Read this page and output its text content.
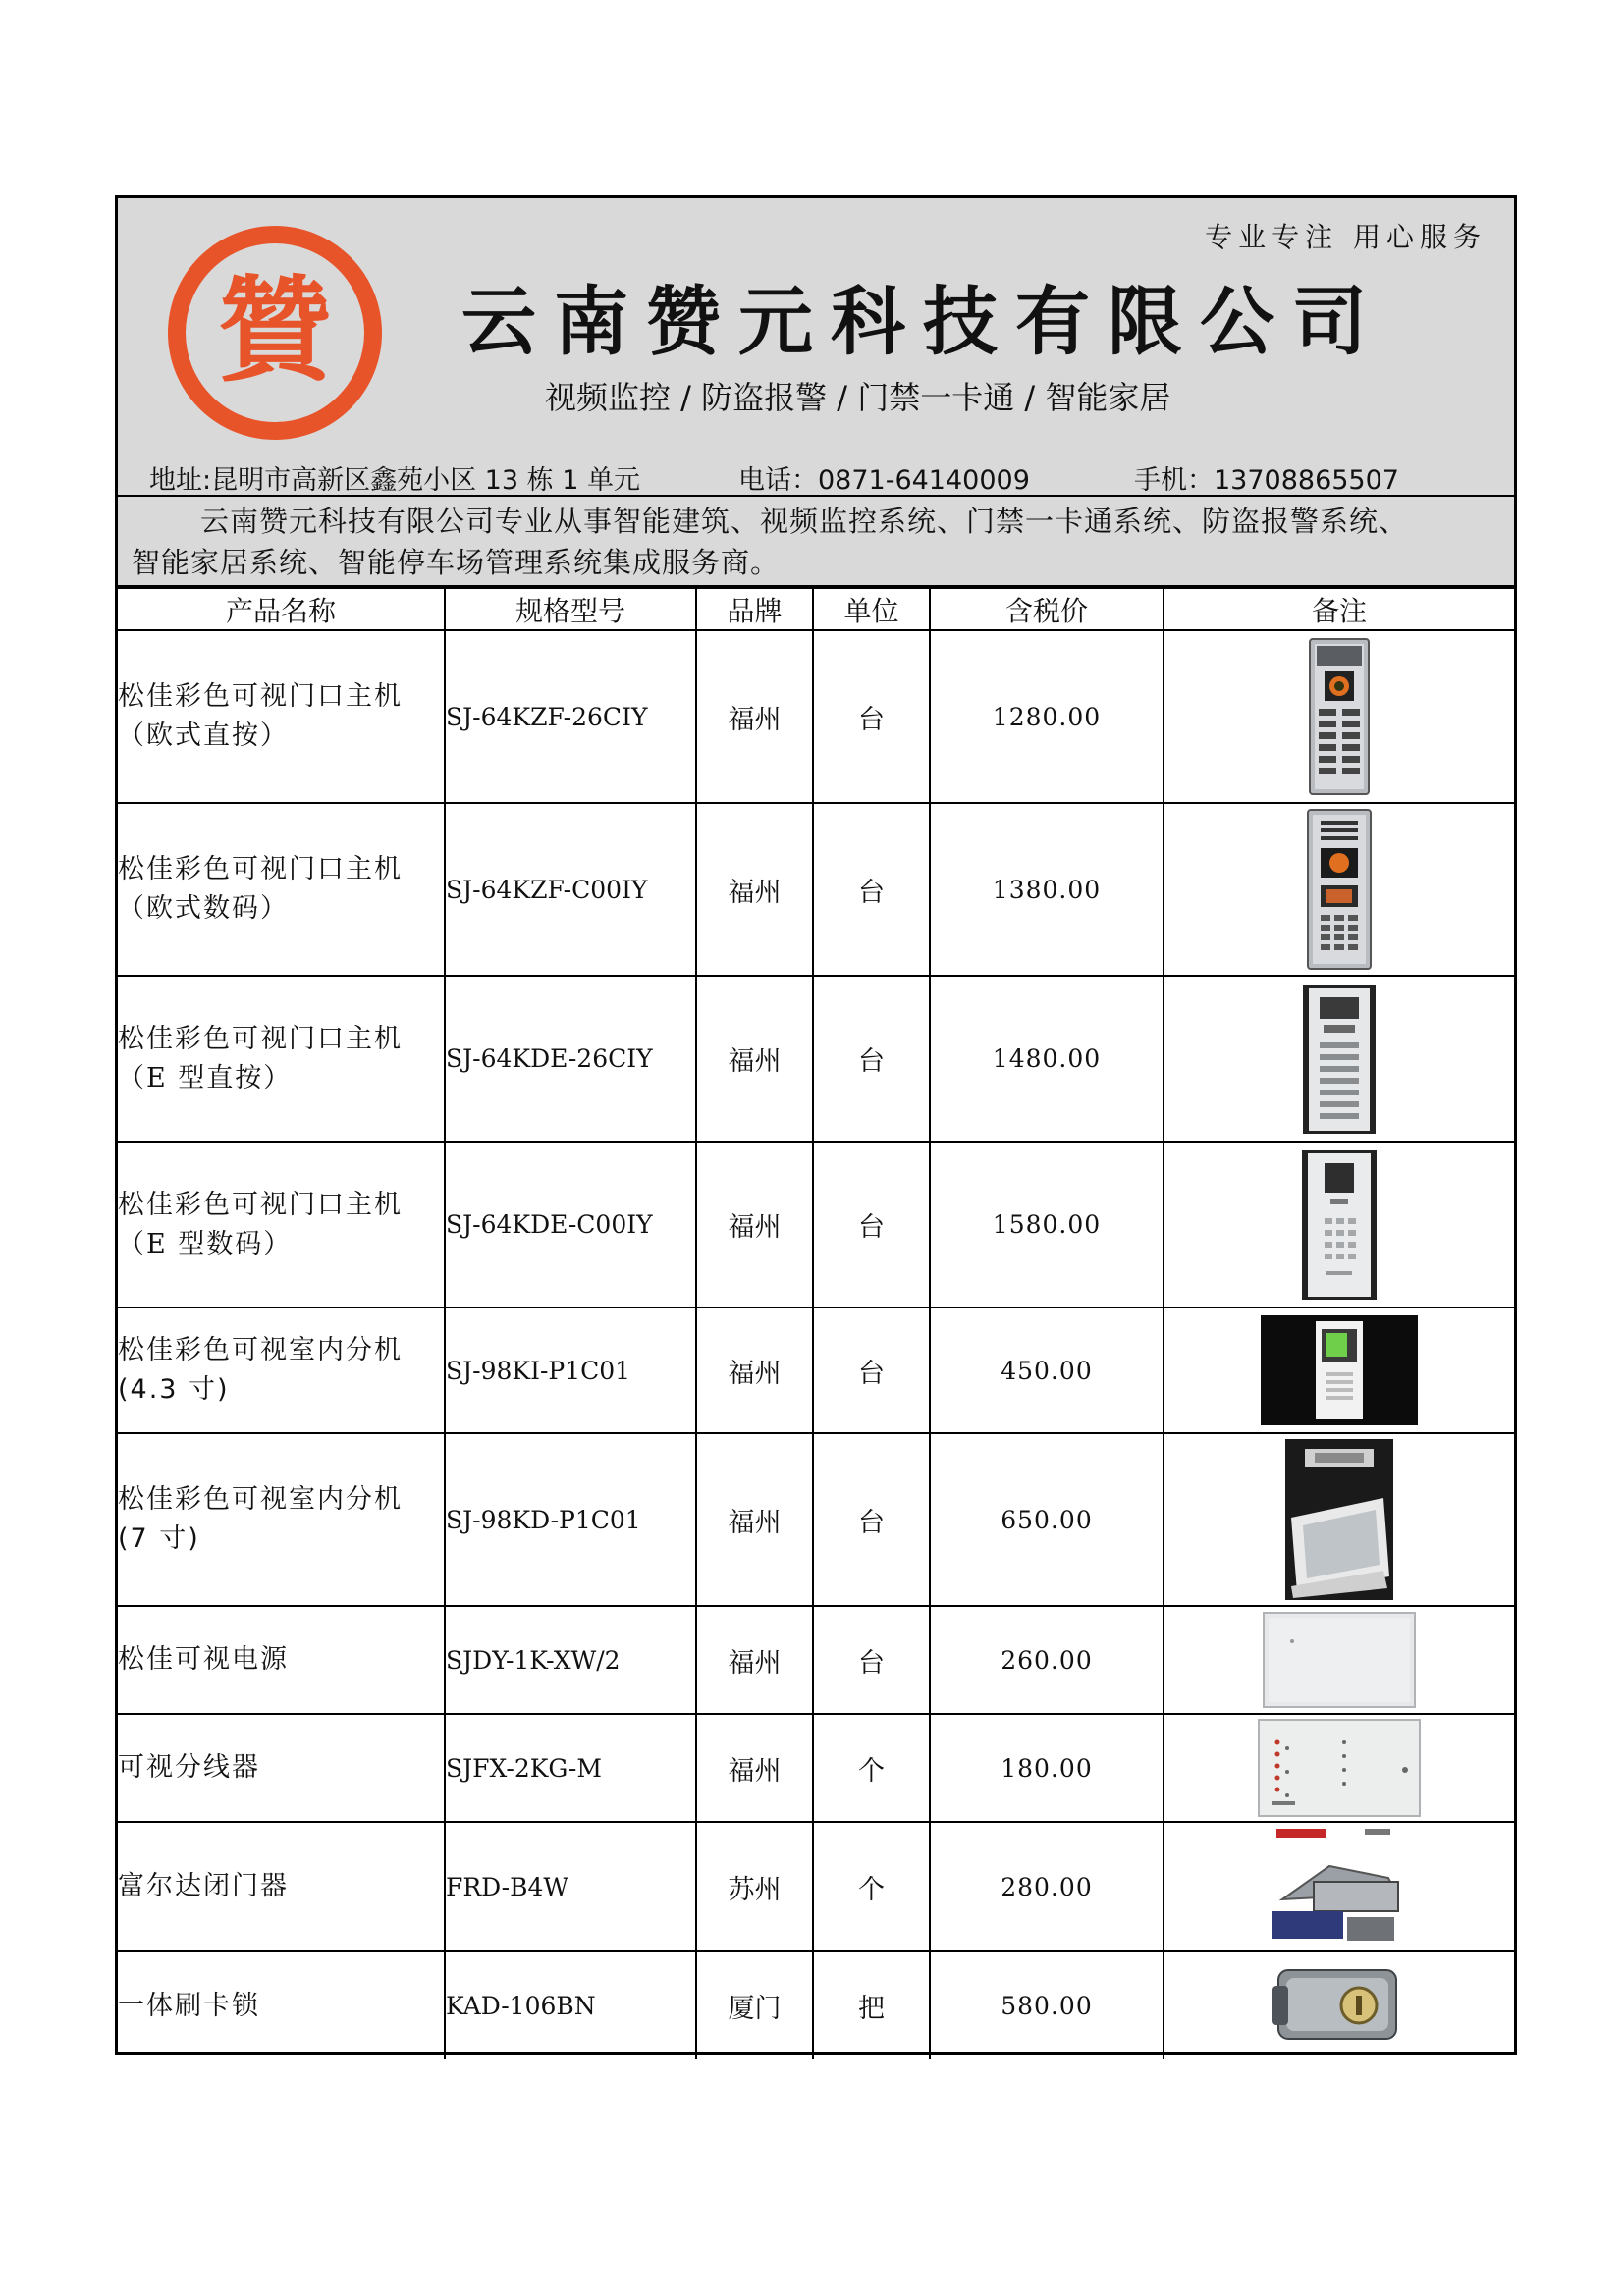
贊
专业专注 用心服务
云南赞元科技有限公司
视频监控 / 防盗报警 / 门禁一卡通 / 智能家居
地址:昆明市高新区鑫苑小区 13 栋 1 单元	电话：0871-64140009	手机：13708865507
云南赞元科技有限公司专业从事智能建筑、视频监控系统、门禁一卡通系统、防盗报警系统、
智能家居系统、智能停车场管理系统集成服务商。
产品名称	规格型号	品牌	单位	含税价	备注
松佳彩色可视门口主机
（欧式直按）	SJ-64KZF-26CIY	福州	台	1280.00	

松佳彩色可视门口主机
（欧式数码）	SJ-64KZF-C00IY	福州	台	1380.00	

松佳彩色可视门口主机
（E 型直按）	SJ-64KDE-26CIY	福州	台	1480.00	

松佳彩色可视门口主机
（E 型数码）	SJ-64KDE-C00IY	福州	台	1580.00	

松佳彩色可视室内分机
(4.3 寸)	SJ-98KI-P1C01	福州	台	450.00	

松佳彩色可视室内分机
(7 寸)	SJ-98KD-P1C01	福州	台	650.00	

松佳可视电源	SJDY-1K-XW/2	福州	台	260.00	

可视分线器	SJFX-2KG-M	福州	个	180.00	

富尔达闭门器	FRD-B4W	苏州	个	280.00	

一体刷卡锁	KAD-106BN	厦门	把	580.00	
